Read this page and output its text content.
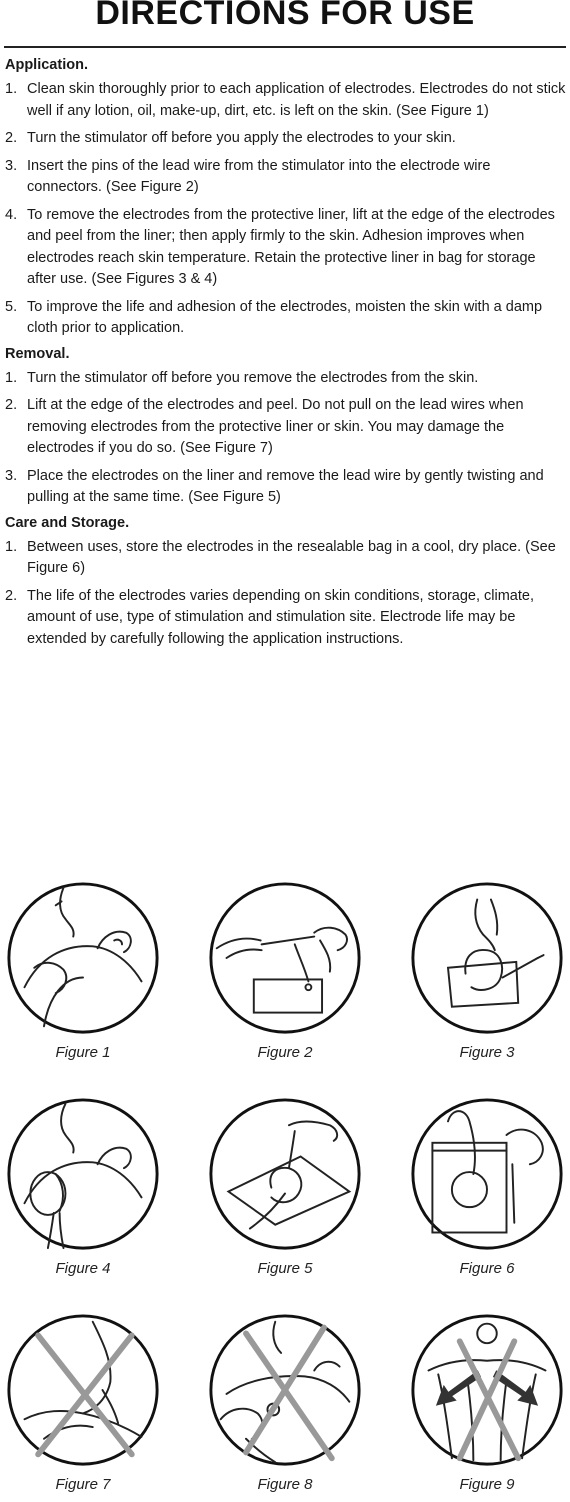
DIRECTIONS FOR USE
Application.
1. Clean skin thoroughly prior to each application of electrodes. Electrodes do not stick well if any lotion, oil, make-up, dirt, etc. is left on the skin. (See Figure 1)
2. Turn the stimulator off before you apply the electrodes to your skin.
3. Insert the pins of the lead wire from the stimulator into the electrode wire connectors. (See Figure 2)
4. To remove the electrodes from the protective liner, lift at the edge of the electrodes and peel from the liner; then apply firmly to the skin. Adhesion improves when electrodes reach skin temperature. Retain the protective liner in bag for storage after use. (See Figures 3 & 4)
5. To improve the life and adhesion of the electrodes, moisten the skin with a damp cloth prior to application.
Removal.
1. Turn the stimulator off before you remove the electrodes from the skin.
2. Lift at the edge of the electrodes and peel. Do not pull on the lead wires when removing electrodes from the protective liner or skin. You may damage the electrodes if you do so. (See Figure 7)
3. Place the electrodes on the liner and remove the lead wire by gently twisting and pulling at the same time. (See Figure 5)
Care and Storage.
1. Between uses, store the electrodes in the resealable bag in a cool, dry place. (See Figure 6)
2. The life of the electrodes varies depending on skin conditions, storage, climate, amount of use, type of stimulation and stimulation site. Electrode life may be extended by carefully following the application instructions.
Figure 1	Figure 2	Figure 3
Figure 4	Figure 5	Figure 6
Figure 7	Figure 8	Figure 9
